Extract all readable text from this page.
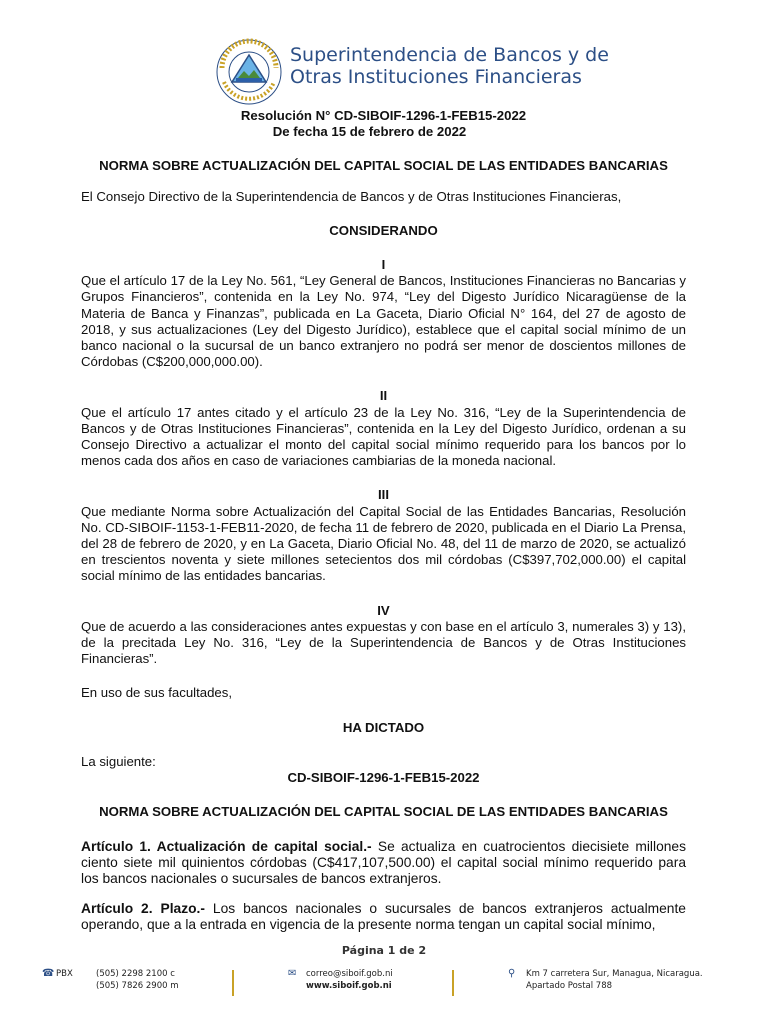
Superintendencia de Bancos y de
Otras Instituciones Financieras

Resolución N° CD-SIBOIF-1296-1-FEB15-2022

De fecha 15 de febrero de 2022

NORMA SOBRE ACTUALIZACIÓN DEL CAPITAL SOCIAL DE LAS ENTIDADES BANCARIAS

El Consejo Directivo de la Superintendencia de Bancos y de Otras Instituciones Financieras,

CONSIDERANDO

I

Que el artículo 17 de la Ley No. 561, “Ley General de Bancos, Instituciones Financieras no Bancarias y Grupos Financieros”, contenida en la Ley No. 974, “Ley del Digesto Jurídico Nicaragüense de la Materia de Banca y Finanzas”, publicada en La Gaceta, Diario Oficial N° 164, del 27 de agosto de 2018, y sus actualizaciones (Ley del Digesto Jurídico), establece que el capital social mínimo de un banco nacional o la sucursal de un banco extranjero no podrá ser menor de doscientos millones de Córdobas (C$200,000,000.00).

II

Que el artículo 17 antes citado y el artículo 23 de la Ley No. 316, “Ley de la Superintendencia de Bancos y de Otras Instituciones Financieras”, contenida en la Ley del Digesto Jurídico, ordenan a su Consejo Directivo a actualizar el monto del capital social mínimo requerido para los bancos por lo menos cada dos años en caso de variaciones cambiarias de la moneda nacional.

III

Que mediante Norma sobre Actualización del Capital Social de las Entidades Bancarias, Resolución No. CD-SIBOIF-1153-1-FEB11-2020, de fecha 11 de febrero de 2020, publicada en el Diario La Prensa, del 28 de febrero de 2020, y en La Gaceta, Diario Oficial No. 48, del 11 de marzo de 2020, se actualizó en trescientos noventa y siete millones setecientos dos mil córdobas (C$397,702,000.00) el capital social mínimo de las entidades bancarias.

IV

Que de acuerdo a las consideraciones antes expuestas y con base en el artículo 3, numerales 3) y 13), de la precitada Ley No. 316, “Ley de la Superintendencia de Bancos y de Otras Instituciones Financieras”.

En uso de sus facultades,

HA DICTADO

La siguiente:

CD-SIBOIF-1296-1-FEB15-2022

NORMA SOBRE ACTUALIZACIÓN DEL CAPITAL SOCIAL DE LAS ENTIDADES BANCARIAS

Artículo 1. Actualización de capital social.- Se actualiza en cuatrocientos diecisiete millones ciento siete mil quinientos córdobas (C$417,107,500.00) el capital social mínimo requerido para los bancos nacionales o sucursales de bancos extranjeros.

Artículo 2. Plazo.- Los bancos nacionales o sucursales de bancos extranjeros actualmente operando, que a la entrada en vigencia de la presente norma tengan un capital social mínimo,

Página 1 de 2
☎ PBX	(505) 2298 2100 c
(505) 7826 2900 m
✉ correo@siboif.gob.ni
www.siboif.gob.ni
⚲ Km 7 carretera Sur, Managua, Nicaragua.
Apartado Postal 788
